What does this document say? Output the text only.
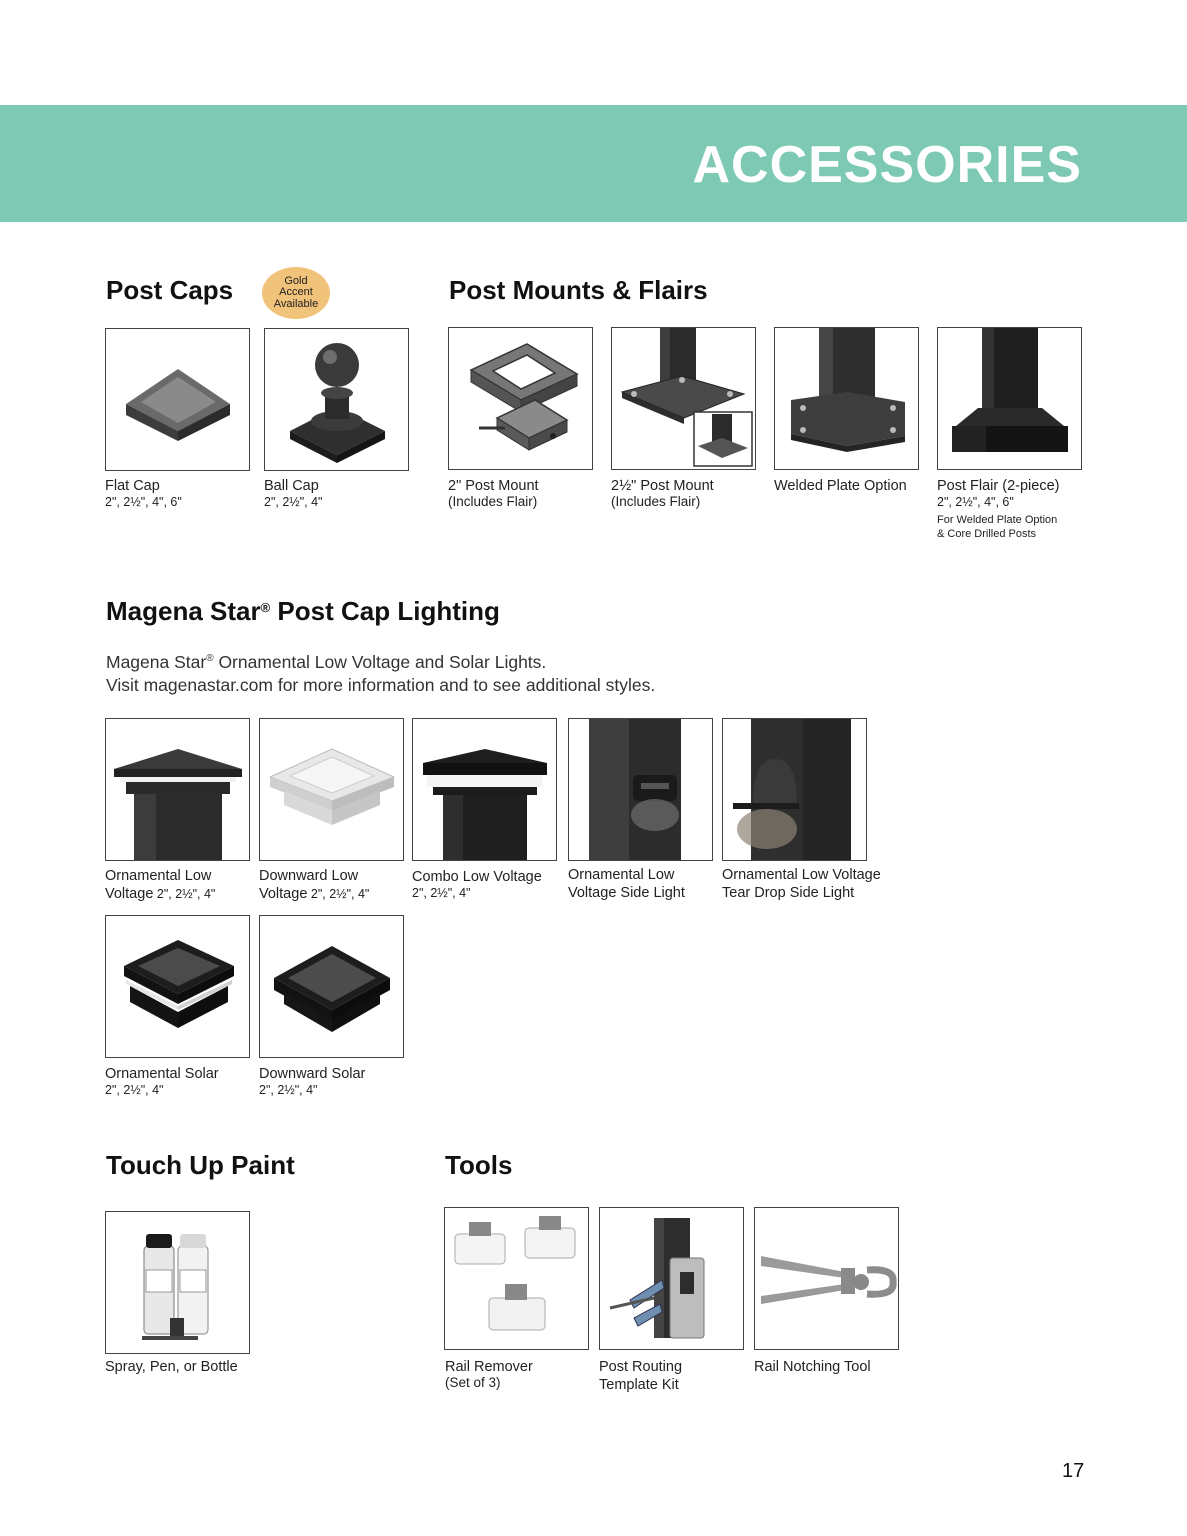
ACCESSORIES
Post Caps	Gold
Accent
Available
Flat Cap
2", 2½", 4", 6"
Ball Cap
2", 2½", 4"
Post Mounts & Flairs
2" Post Mount
(Includes Flair)
2½" Post Mount
(Includes Flair)
Welded Plate Option Post Flair (2-piece)
2", 2½", 4", 6"
For Welded Plate Option
& Core Drilled Posts
Magena Star® Post Cap Lighting
Magena Star® Ornamental Low Voltage and Solar Lights.
Visit magenastar.com for more information and to see additional styles.
Ornamental Low
Voltage 2", 2½", 4"
Downward Low
Voltage 2", 2½", 4"
Combo Low Voltage
2", 2½", 4"
Ornamental Low
Voltage Side Light
Ornamental Low Voltage
Tear Drop Side Light
Ornamental Solar
2", 2½", 4"
Downward Solar
2", 2½", 4"
Touch Up Paint
Spray, Pen, or Bottle
Tools
Rail Remover
(Set of 3)
Post Routing
Template Kit
Rail Notching Tool
17
